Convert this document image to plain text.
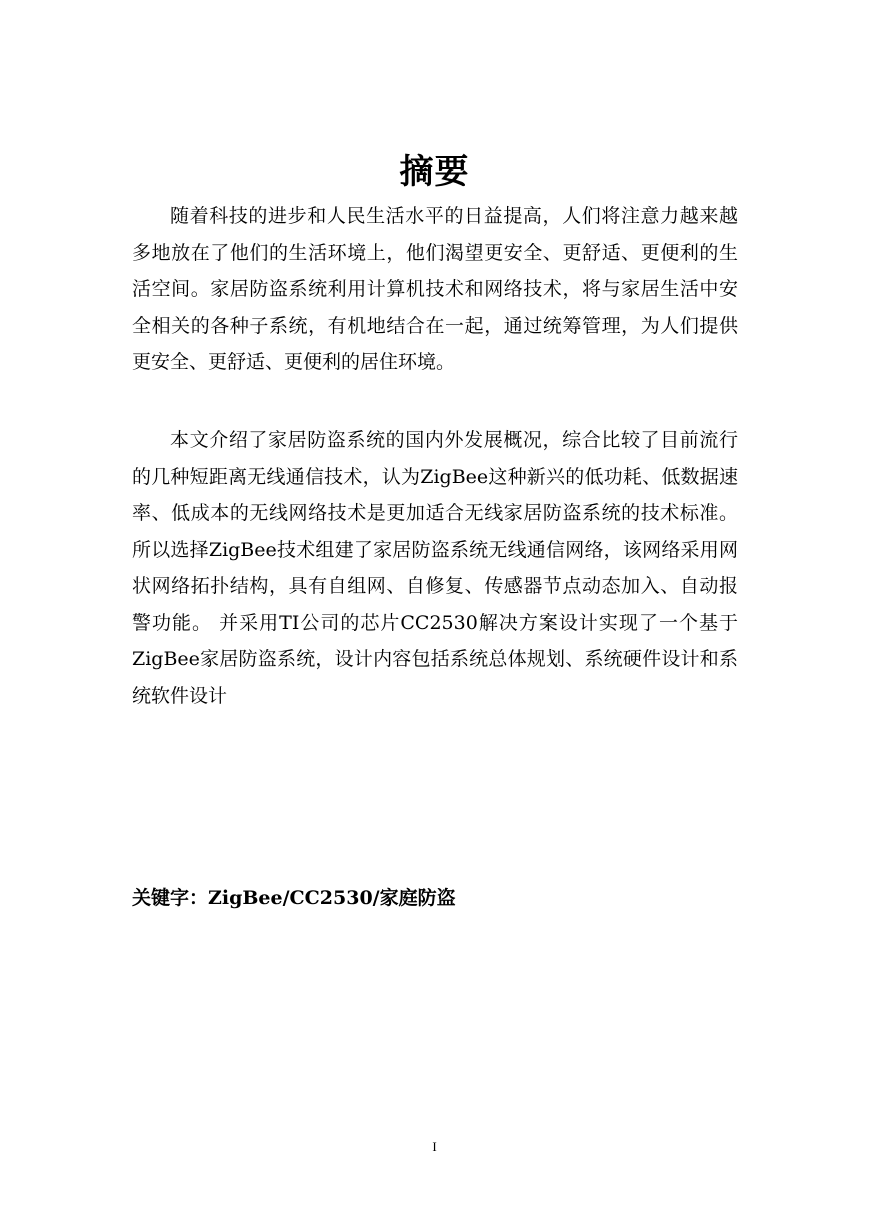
摘要

随着科技的进步和人民生活水平的日益提高，人们将注意力越来越多地放在了他们的生活环境上，他们渴望更安全、更舒适、更便利的生活空间。家居防盗系统利用计算机技术和网络技术，将与家居生活中安全相关的各种子系统，有机地结合在一起，通过统筹管理，为人们提供更安全、更舒适、更便利的居住环境。

本文介绍了家居防盗系统的国内外发展概况，综合比较了目前流行的几种短距离无线通信技术，认为ZigBee这种新兴的低功耗、低数据速率、低成本的无线网络技术是更加适合无线家居防盗系统的技术标准。所以选择ZigBee技术组建了家居防盗系统无线通信网络，该网络采用网状网络拓扑结构，具有自组网、自修复、传感器节点动态加入、自动报警功能。 并采用TI公司的芯片CC2530解决方案设计实现了一个基于ZigBee家居防盗系统，设计内容包括系统总体规划、系统硬件设计和系统软件设计

关键字：ZigBee/CC2530/家庭防盗

I
